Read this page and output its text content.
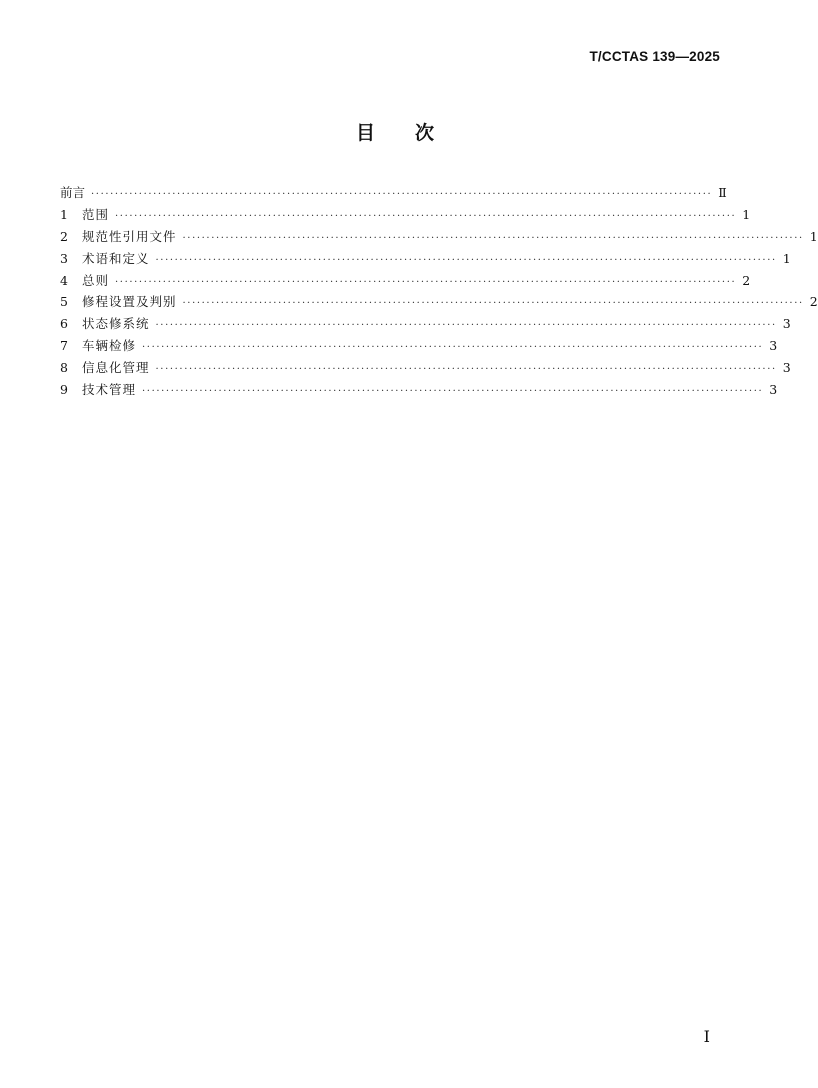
T/CCTAS 139—2025
目 次
前言 ·································································································································· Ⅱ
1	范围 ·································································································································· 1
2	规范性引用文件 ·································································································································· 1
3	术语和定义 ·································································································································· 1
4	总则 ·································································································································· 2
5	修程设置及判别 ·································································································································· 2
6	状态修系统 ·································································································································· 3
7	车辆检修 ·································································································································· 3
8	信息化管理 ·································································································································· 3
9	技术管理 ·································································································································· 3
I
